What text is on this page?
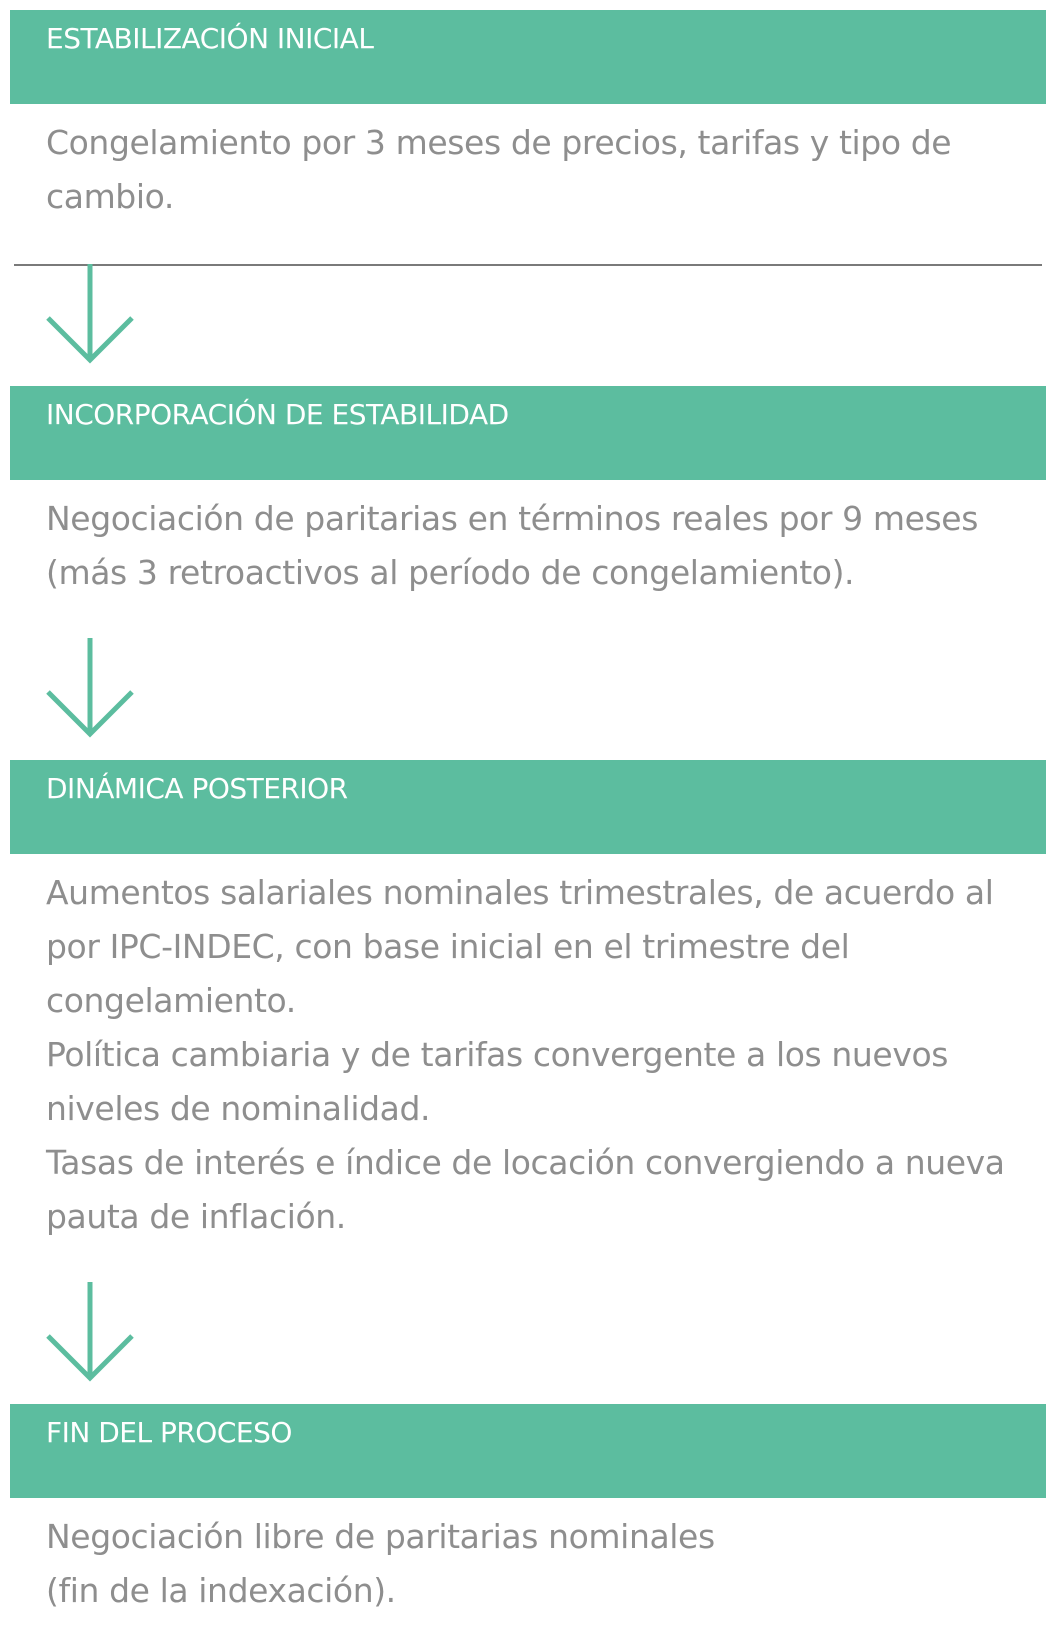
ESTABILIZACIÓN INICIAL

Congelamiento por 3 meses de precios, tarifas y tipo de cambio.

INCORPORACIÓN DE ESTABILIDAD

Negociación de paritarias en términos reales por 9 meses (más 3 retroactivos al período de congelamiento).

DINÁMICA POSTERIOR

Aumentos salariales nominales trimestrales, de acuerdo al por IPC-INDEC, con base inicial en el trimestre del congelamiento.

Política cambiaria y de tarifas convergente a los nuevos niveles de nominalidad.

Tasas de interés e índice de locación convergiendo a nueva pauta de inflación.

FIN DEL PROCESO

Negociación libre de paritarias nominales

(fin de la indexación).
